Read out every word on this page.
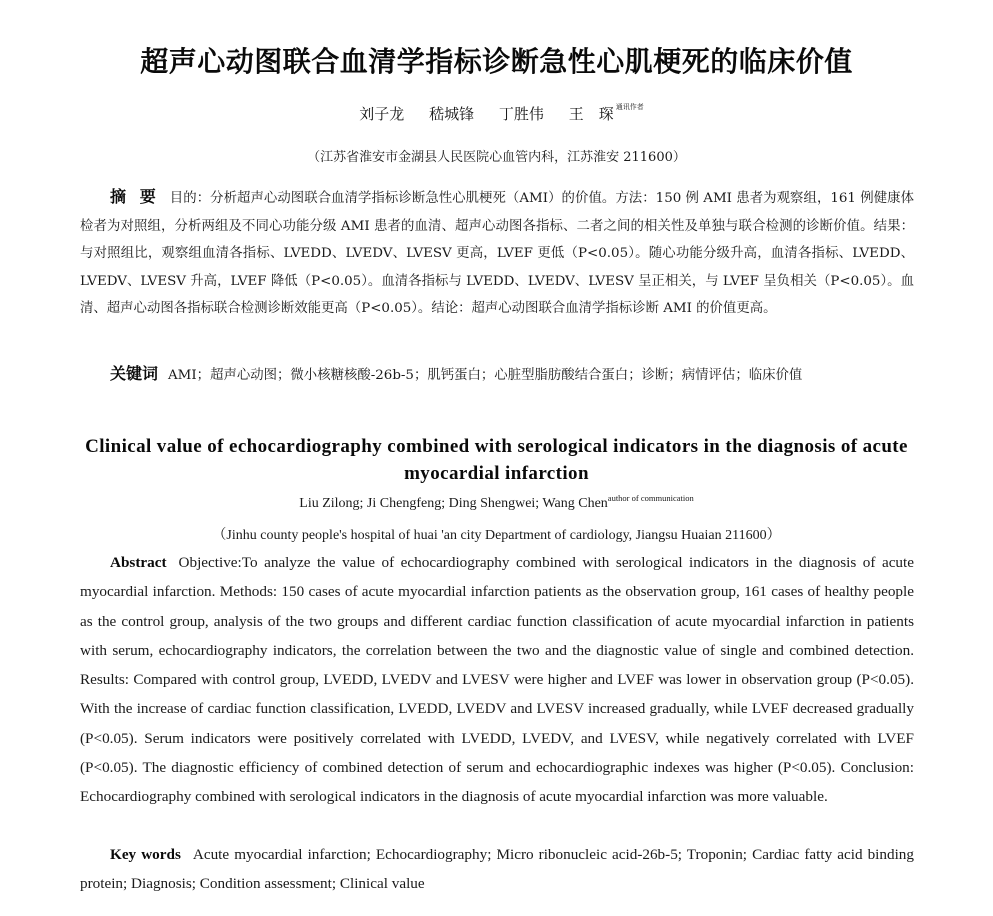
超声心动图联合血清学指标诊断急性心肌梗死的临床价值
刘子龙 嵇城锋 丁胜伟 王　琛 $^{通讯作者}$
（江苏省淮安市金湖县人民医院心血管内科，江苏淮安 211600）
摘 要 目的：分析超声心动图联合血清学指标诊断急性心肌梗死（AMI）的价值。方法：150 例 AMI 患者为观察组，161 例健康体检者为对照组，分析两组及不同心功能分级 AMI 患者的血清、超声心动图各指标、二者之间的相关性及单独与联合检测的诊断价值。结果：与对照组比，观察组血清各指标、LVEDD、LVEDV、LVESV 更高，LVEF 更低（P<0.05）。随心功能分级升高，血清各指标、LVEDD、LVEDV、LVESV 升高，LVEF 降低（P<0.05）。血清各指标与 LVEDD、LVEDV、LVESV 呈正相关，与 LVEF 呈负相关（P<0.05）。血清、超声心动图各指标联合检测诊断效能更高（P<0.05）。结论：超声心动图联合血清学指标诊断 AMI 的价值更高。
关键词 AMI；超声心动图；微小核糖核酸-26b-5；肌钙蛋白；心脏型脂肪酸结合蛋白；诊断；病情评估；临床价值
Clinical value of echocardiography combined with serological indicators in the diagnosis of acute myocardial infarction
Liu Zilong; Ji Chengfeng; Ding Shengwei; Wang Chen$^{author of communication}$
（Jinhu county people's hospital of huai 'an city Department of cardiology, Jiangsu Huaian 211600）
Abstract Objective:To analyze the value of echocardiography combined with serological indicators in the diagnosis of acute myocardial infarction. Methods: 150 cases of acute myocardial infarction patients as the observation group, 161 cases of healthy people as the control group, analysis of the two groups and different cardiac function classification of acute myocardial infarction in patients with serum, echocardiography indicators, the correlation between the two and the diagnostic value of single and combined detection. Results: Compared with control group, LVEDD, LVEDV and LVESV were higher and LVEF was lower in observation group (P<0.05). With the increase of cardiac function classification, LVEDD, LVEDV and LVESV increased gradually, while LVEF decreased gradually (P<0.05). Serum indicators were positively correlated with LVEDD, LVEDV, and LVESV, while negatively correlated with LVEF (P<0.05). The diagnostic efficiency of combined detection of serum and echocardiographic indexes was higher (P<0.05). Conclusion: Echocardiography combined with serological indicators in the diagnosis of acute myocardial infarction was more valuable.
Key words Acute myocardial infarction; Echocardiography; Micro ribonucleic acid-26b-5; Troponin; Cardiac fatty acid binding protein; Diagnosis; Condition assessment; Clinical value
